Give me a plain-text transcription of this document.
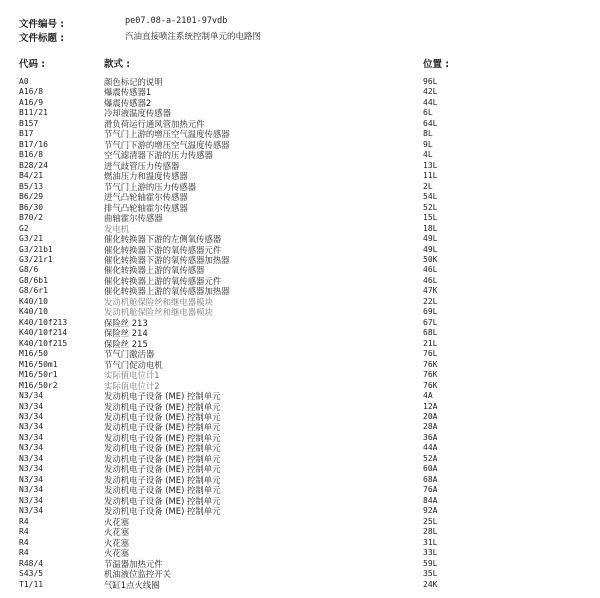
文件编号 :	pe07.08-a-2101-97vdb
文件标题 :	汽油直接喷注系统控制单元的电路图
代码 :	款式 :	位置 :
A0	颜色标记的说明	96L
A16/8	爆震传感器1	42L
A16/9	爆震传感器2	44L
B11/21	冷却液温度传感器	6L
B157	滑负荷运行通风管加热元件	64L
B17	节气门上游的增压空气温度传感器	8L
B17/16	节气门下游的增压空气温度传感器	9L
B16/8	空气滤清器下游的压力传感器	4L
B28/24	进气歧管压力传感器	13L
B4/21	燃油压力和温度传感器	11L
B5/13	节气门上游的压力传感器	2L
B6/29	进气凸轮轴霍尔传感器	54L
B6/30	排气凸轮轴霍尔传感器	52L
B70/2	曲轴霍尔传感器	15L
G2	发电机	18L
G3/21	催化转换器下游的左侧氧传感器	49L
G3/21b1	催化转换器下游的氧传感器元件	49L
G3/21r1	催化转换器下游的氧传感器加热器	50K
G8/6	催化转换器上游的氧传感器	46L
G8/6b1	催化转换器上游的氧传感器元件	46L
G8/6r1	催化转换器上游的氧传感器加热器	47K
K40/10	发动机舱保险丝和继电器模块	22L
K40/10	发动机舱保险丝和继电器模块	69L
K40/10f213	保险丝 213	67L
K40/10f214	保险丝 214	68L
K40/10f215	保险丝 215	21L
M16/50	节气门激活器	76L
M16/50m1	节气门促动电机	76K
M16/50r1	实际值电位计1	76K
M16/50r2	实际值电位计2	76K
N3/34	发动机电子设备 (ME) 控制单元	4A
N3/34	发动机电子设备 (ME) 控制单元	12A
N3/34	发动机电子设备 (ME) 控制单元	20A
N3/34	发动机电子设备 (ME) 控制单元	28A
N3/34	发动机电子设备 (ME) 控制单元	36A
N3/34	发动机电子设备 (ME) 控制单元	44A
N3/34	发动机电子设备 (ME) 控制单元	52A
N3/34	发动机电子设备 (ME) 控制单元	60A
N3/34	发动机电子设备 (ME) 控制单元	68A
N3/34	发动机电子设备 (ME) 控制单元	76A
N3/34	发动机电子设备 (ME) 控制单元	84A
N3/34	发动机电子设备 (ME) 控制单元	92A
R4	火花塞	25L
R4	火花塞	28L
R4	火花塞	31L
R4	火花塞	33L
R48/4	节温器加热元件	59L
S43/5	机油液位监控开关	35L
T1/11	气缸1点火线圈	24K
